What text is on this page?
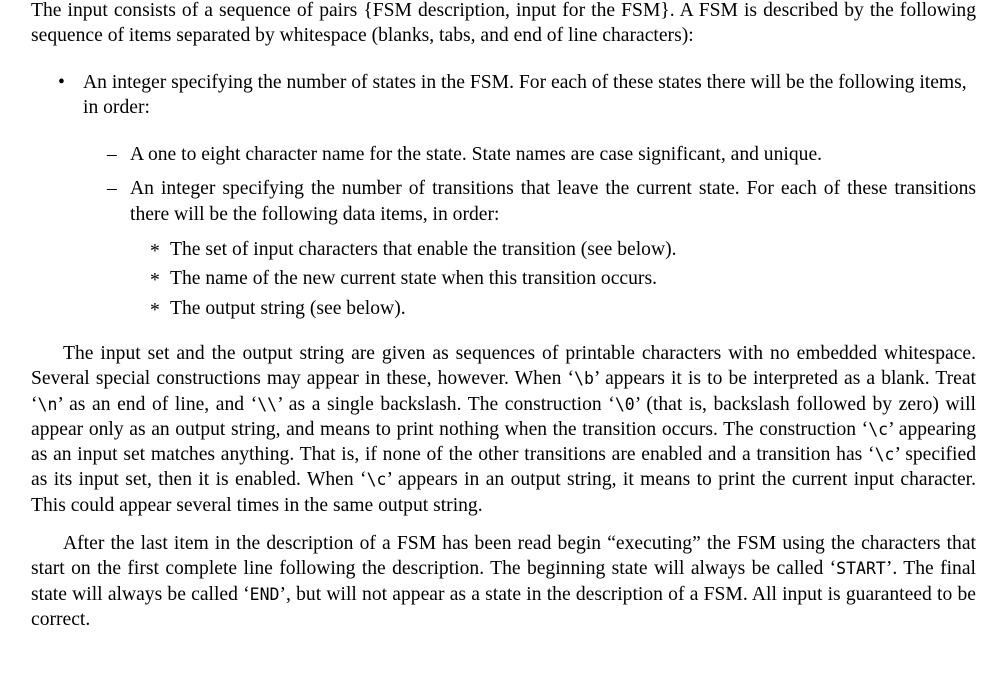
The input consists of a sequence of pairs {FSM description, input for the FSM}. A FSM is described by the following sequence of items separated by whitespace (blanks, tabs, and end of line characters):

• An integer specifying the number of states in the FSM. For each of these states there will be the following items, in order:
– A one to eight character name for the state. State names are case significant, and unique.
– An integer specifying the number of transitions that leave the current state. For each of these transitions there will be the following data items, in order:

* The set of input characters that enable the transition (see below).
* The name of the new current state when this transition occurs.
* The output string (see below).

The input set and the output string are given as sequences of printable characters with no embedded whitespace. Several special constructions may appear in these, however. When ‘\b’ appears it is to be interpreted as a blank. Treat ‘\n’ as an end of line, and ‘\\’ as a single backslash. The construction ‘\0’ (that is, backslash followed by zero) will appear only as an output string, and means to print nothing when the transition occurs. The construction ‘\c’ appearing as an input set matches anything. That is, if none of the other transitions are enabled and a transition has ‘\c’ specified as its input set, then it is enabled. When ‘\c’ appears in an output string, it means to print the current input character. This could appear several times in the same output string.

After the last item in the description of a FSM has been read begin “executing” the FSM using the characters that start on the first complete line following the description. The beginning state will always be called ‘START’. The final state will always be called ‘END’, but will not appear as a state in the description of a FSM. All input is guaranteed to be correct.
